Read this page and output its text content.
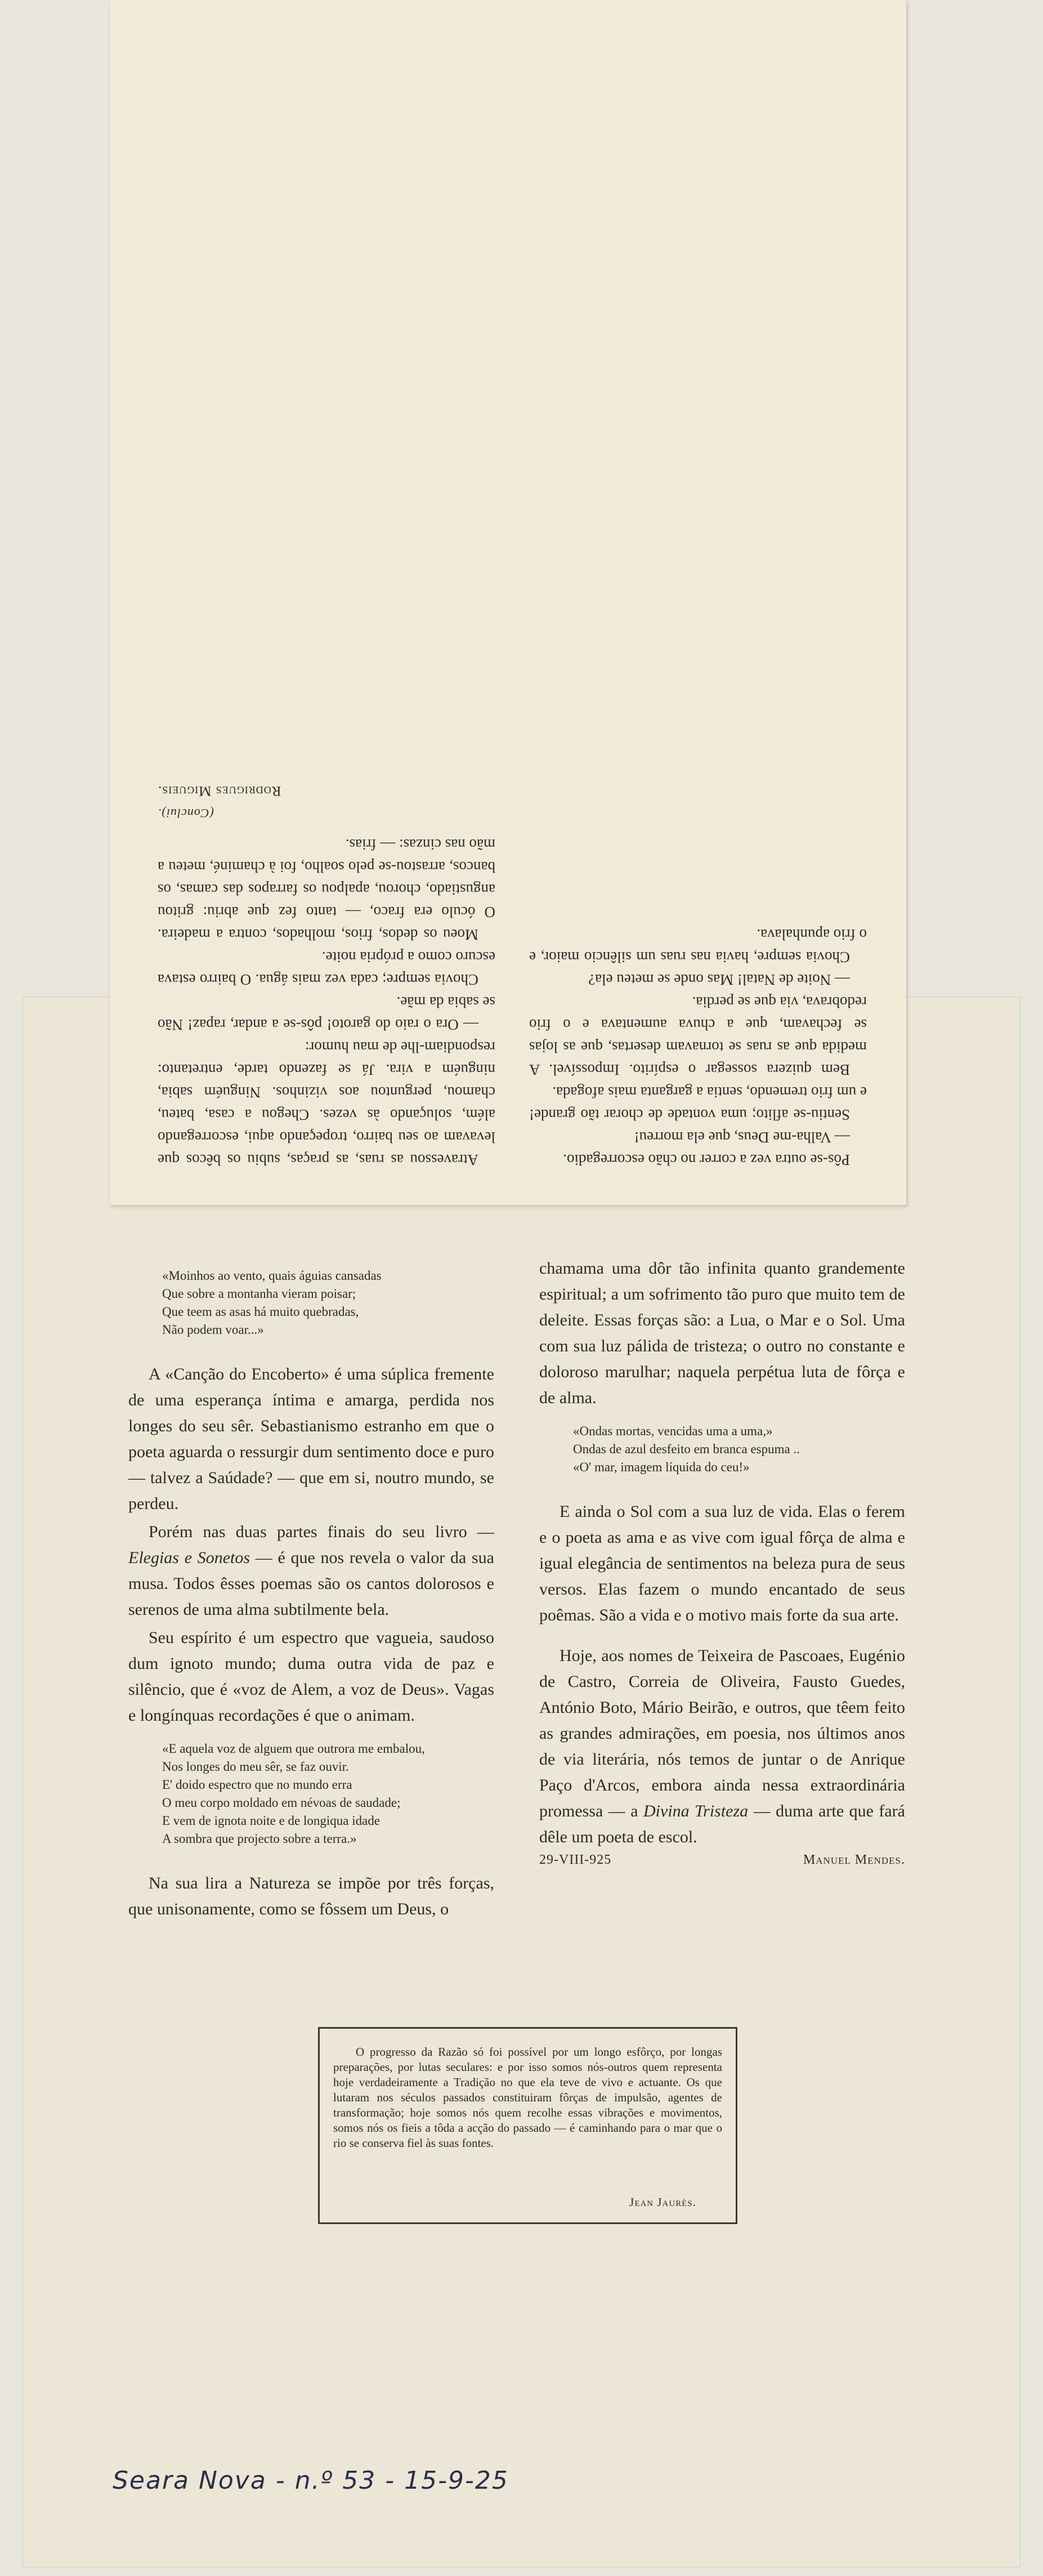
Pôs-se outra vez a correr no chão escorregadio.

— Valha-me Deus, que ela morreu!

Sentiu-se aflito; uma vontade de chorar tão grande! e um frio tremendo, sentia a garganta mais afogada.

Bem quizera sossegar o espírito. Impossível. A medida que as ruas se tornavam desertas, que as lojas se fechavam, que a chuva aumentava e o frio redobrava, via que se perdia.

— Noite de Natal! Mas onde se meteu ela?

Chovia sempre, havia nas ruas um silêncio maior, e o frio apunhalava.

Atravessou as ruas, as praças, subiu os bêcos que levavam ao seu bairro, tropeçando aqui, escorregando além, soluçando às vezes. Chegou a casa, bateu, chamou, perguntou aos vizinhos. Ninguém sabia, ninguém a vira. Já se fazendo tarde, entretanto: respondiam-lhe de mau humor:

— Ora o raio do garoto! pôs-se a andar, rapaz! Não se sabia da mãe.

Chovia sempre; cada vez mais água. O bairro estava escuro como a própria noite.

Moeu os dedos, frios, molhados, contra a madeira. O óculo era fraco, — tanto fez que abriu: gritou angustiado, chorou, apalpou os farrapos das camas, os bancos, arrastou-se pelo soalho, foi à chaminé, meteu a mão nas cinzas: — frias.

(Conclui).
Rodrigues Migueis.
«Moinhos ao vento, quais águias cansadas
Que sobre a montanha vieram poisar;
Que teem as asas há muito quebradas,
Não podem voar...»

A «Canção do Encoberto» é uma súplica fremente de uma esperança íntima e amarga, perdida nos longes do seu sêr. Sebastianismo estranho em que o poeta aguarda o ressurgir dum sentimento doce e puro — talvez a Saúdade? — que em si, noutro mundo, se perdeu.

Porém nas duas partes finais do seu livro — Elegias e Sonetos — é que nos revela o valor da sua musa. Todos êsses poemas são os cantos dolorosos e serenos de uma alma subtilmente bela.

Seu espírito é um espectro que vagueia, saudoso dum ignoto mundo; duma outra vida de paz e silêncio, que é «voz de Alem, a voz de Deus». Vagas e longínquas recordações é que o animam.

«E aquela voz de alguem que outrora me embalou,
Nos longes do meu sêr, se faz ouvir.
E' doido espectro que no mundo erra
O meu corpo moldado em névoas de saudade;
E vem de ignota noite e de longiqua idade
A sombra que projecto sobre a terra.»

Na sua lira a Natureza se impõe por três forças, que unisonamente, como se fôssem um Deus, o

chamama uma dôr tão infinita quanto grandemente espiritual; a um sofrimento tão puro que muito tem de deleite. Essas forças são: a Lua, o Mar e o Sol. Uma com sua luz pálida de tristeza; o outro no constante e doloroso marulhar; naquela perpétua luta de fôrça e de alma.

«Ondas mortas, vencidas uma a uma,»
Ondas de azul desfeito em branca espuma ..
«O' mar, imagem líquida do ceu!»

E ainda o Sol com a sua luz de vida. Elas o ferem e o poeta as ama e as vive com igual fôrça de alma e igual elegância de sentimentos na beleza pura de seus versos. Elas fazem o mundo encantado de seus poêmas. São a vida e o motivo mais forte da sua arte.

Hoje, aos nomes de Teixeira de Pascoaes, Eugénio de Castro, Correia de Oliveira, Fausto Guedes, António Boto, Mário Beirão, e outros, que têem feito as grandes admirações, em poesia, nos últimos anos de via literária, nós temos de juntar o de Anrique Paço d'Arcos, embora ainda nessa extraordinária promessa — a Divina Tristeza — duma arte que fará dêle um poeta de escol.

29-VIII-925	Manuel Mendes.
O progresso da Razão só foi possível por um longo esfôrço, por longas preparações, por lutas seculares: e por isso somos nós-outros quem representa hoje verdadeiramente a Tradição no que ela teve de vivo e actuante. Os que lutaram nos séculos passados constituiram fôrças de impulsão, agentes de transformação; hoje somos nós quem recolhe essas vibrações e movimentos, somos nós os fieis a tôda a acção do passado — é caminhando para o mar que o rio se conserva fiel às suas fontes.
Jean Jaurès.
Seara Nova - n.º 53 - 15-9-25
